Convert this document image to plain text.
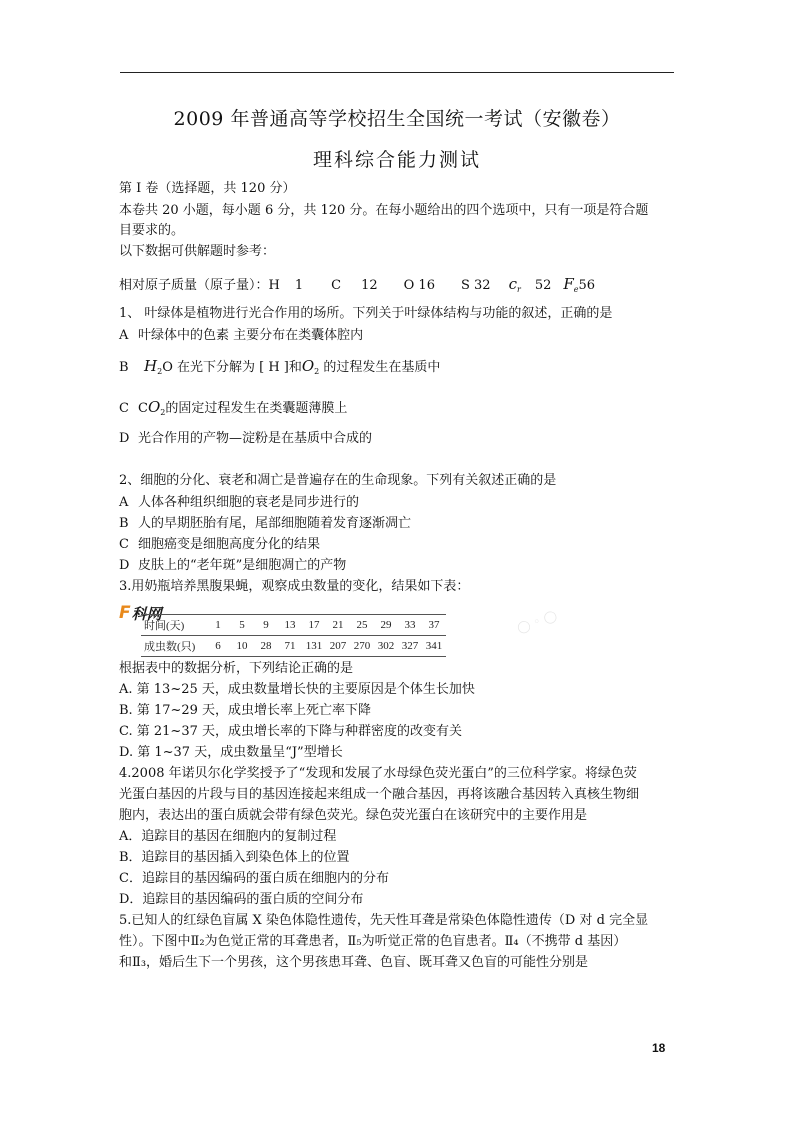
2009 年普通高等学校招生全国统一考试（安徽卷）
理科综合能力测试
第 I 卷（选择题，共 120 分）
本卷共 20 小题，每小题 6 分，共 120 分。在每小题给出的四个选项中，只有一项是符合题
目要求的。
以下数据可供解题时参考：
相对原子质量（原子量）：H 1 C 12 O 16 S 32 $c_r$ 52 $F_e56$
1、 叶绿体是植物进行光合作用的场所。下列关于叶绿体结构与功能的叙述，正确的是
A 叶绿体中的色素 主要分布在类囊体腔内
B $H_2O$ 在光下分解为 [ H ]和$O_2$ 的过程发生在基质中
C $CO_2$的固定过程发生在类囊题薄膜上
D 光合作用的产物—淀粉是在基质中合成的
2、细胞的分化、衰老和凋亡是普遍存在的生命现象。下列有关叙述正确的是
A 人体各种组织细胞的衰老是同步进行的
B 人的早期胚胎有尾，尾部细胞随着发育逐渐凋亡
C 细胞癌变是细胞高度分化的结果
D 皮肤上的“老年斑”是细胞凋亡的产物
3.用奶瓶培养黑腹果蝇，观察成虫数量的变化，结果如下表：
F 科网	◯ ◦ ◯
时间(天)	1	5	9	13	17	21	25	29	33	37
成虫数(只)	6	10	28	71	131	207	270	302	327	341
根据表中的数据分析，下列结论正确的是
A. 第 13~25 天，成虫数量增长快的主要原因是个体生长加快
B. 第 17~29 天，成虫增长率上死亡率下降
C. 第 21~37 天，成虫增长率的下降与种群密度的改变有关
D. 第 1~37 天，成虫数量呈“J”型增长
4.2008 年诺贝尔化学奖授予了“发现和发展了水母绿色荧光蛋白”的三位科学家。将绿色荧
光蛋白基因的片段与目的基因连接起来组成一个融合基因，再将该融合基因转入真核生物细
胞内，表达出的蛋白质就会带有绿色荧光。绿色荧光蛋白在该研究中的主要作用是
A．追踪目的基因在细胞内的复制过程
B．追踪目的基因插入到染色体上的位置
C．追踪目的基因编码的蛋白质在细胞内的分布
D．追踪目的基因编码的蛋白质的空间分布
5.已知人的红绿色盲属 X 染色体隐性遗传，先天性耳聋是常染色体隐性遗传（D 对 d 完全显
性）。下图中Ⅱ₂为色觉正常的耳聋患者，Ⅱ₅为听觉正常的色盲患者。Ⅱ₄（不携带 d 基因）
和Ⅱ₃，婚后生下一个男孩，这个男孩患耳聋、色盲、既耳聋又色盲的可能性分别是
18
